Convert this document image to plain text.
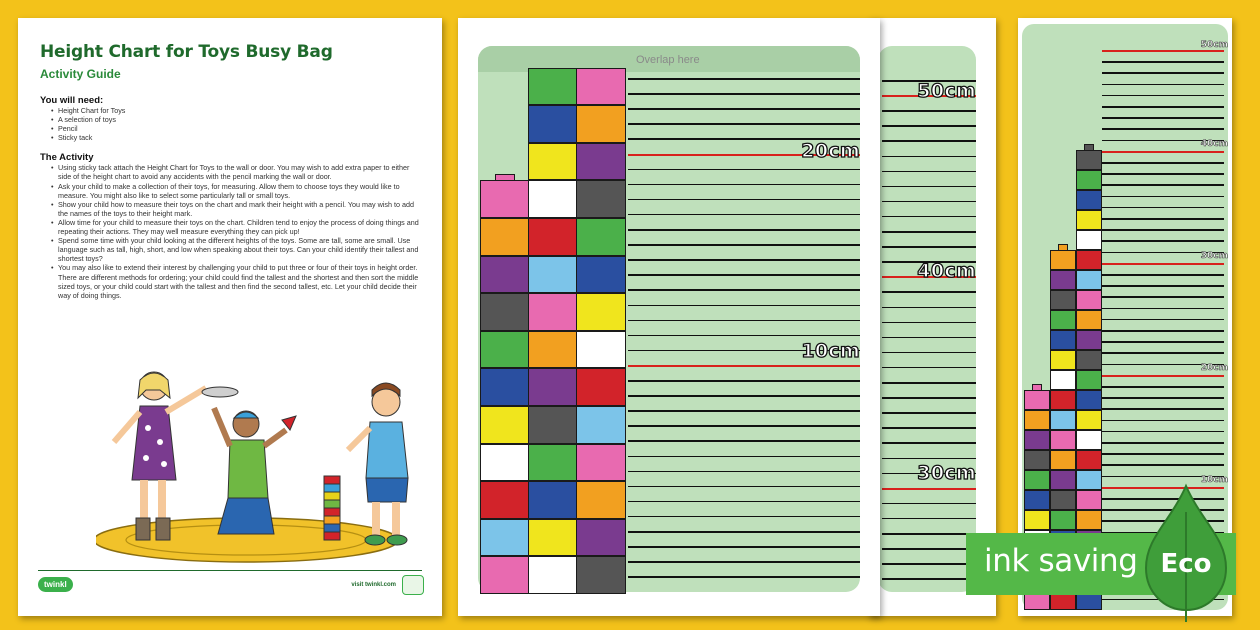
Height Chart for Toys Busy Bag
Activity Guide
You will need:
• Height Chart for Toys
• A selection of toys
• Pencil
• Sticky tack
The Activity
• Using sticky tack attach the Height Chart for Toys to the wall or door. You may wish to add extra paper to either side of the height chart to avoid any accidents with the pencil marking the wall or door.
• Ask your child to make a collection of their toys, for measuring. Allow them to choose toys they would like to measure. You might also like to select some particularly tall or small toys.
• Show your child how to measure their toys on the chart and mark their height with a pencil. You may wish to add the names of the toys to their height mark.
• Allow time for your child to measure their toys on the chart. Children tend to enjoy the process of doing things and repeating their actions. They may well measure everything they can pick up!
• Spend some time with your child looking at the different heights of the toys. Some are tall, some are small. Use language such as tall, high, short, and low when speaking about their toys. Can your child identify their tallest and shortest toys?
• You may also like to extend their interest by challenging your child to put three or four of their toys in height order. There are different methods for ordering; your child could find the tallest and the shortest and then sort the middle sized toys, or your child could start with the tallest and then find the second tallest, etc. Let your child decide their way of doing things.
twinkl	visit twinkl.com
50cm
40cm
30cm
Overlap here
20cm
10cm
50cm
40cm
30cm
20cm
10cm
ink saving Eco
